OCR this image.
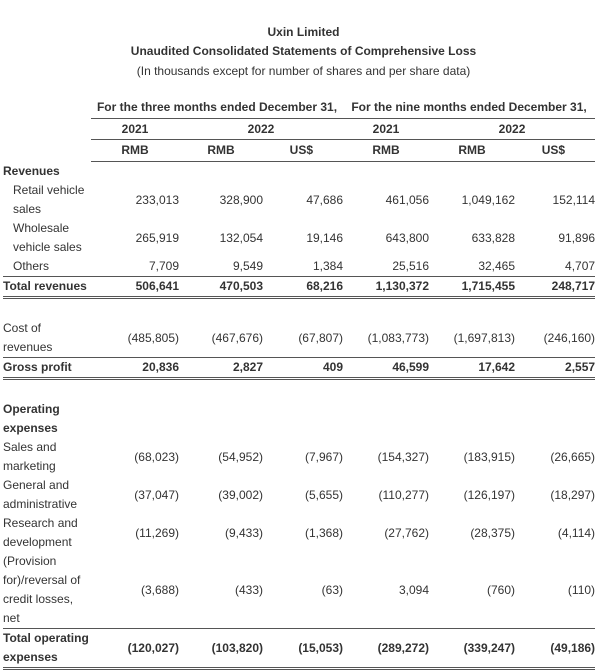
Uxin Limited
Unaudited Consolidated Statements of Comprehensive Loss
(In thousands except for number of shares and per share data)
	For the three months ended December 31,			For the nine months ended December 31,		
	2021	2022		2021	2022	
	RMB	RMB	US$	RMB	RMB	US$
Revenues						
Retail vehicle
sales	233,013	328,900	47,686	461,056	1,049,162	152,114
Wholesale
vehicle sales	265,919	132,054	19,146	643,800	633,828	91,896
Others	7,709	9,549	1,384	25,516	32,465	4,707
Total revenues	506,641	470,503	68,216	1,130,372	1,715,455	248,717

Cost of
revenues	(485,805)	(467,676)	(67,807)	(1,083,773)	(1,697,813)	(246,160)
Gross profit	20,836	2,827	409	46,599	17,642	2,557

Operating
expenses						
Sales and
marketing	(68,023)	(54,952)	(7,967)	(154,327)	(183,915)	(26,665)
General and
administrative	(37,047)	(39,002)	(5,655)	(110,277)	(126,197)	(18,297)
Research and
development	(11,269)	(9,433)	(1,368)	(27,762)	(28,375)	(4,114)
(Provision
for)/reversal of
credit losses,
net	(3,688)	(433)	(63)	3,094	(760)	(110)
Total operating
expenses	(120,027)	(103,820)	(15,053)	(289,272)	(339,247)	(49,186)
